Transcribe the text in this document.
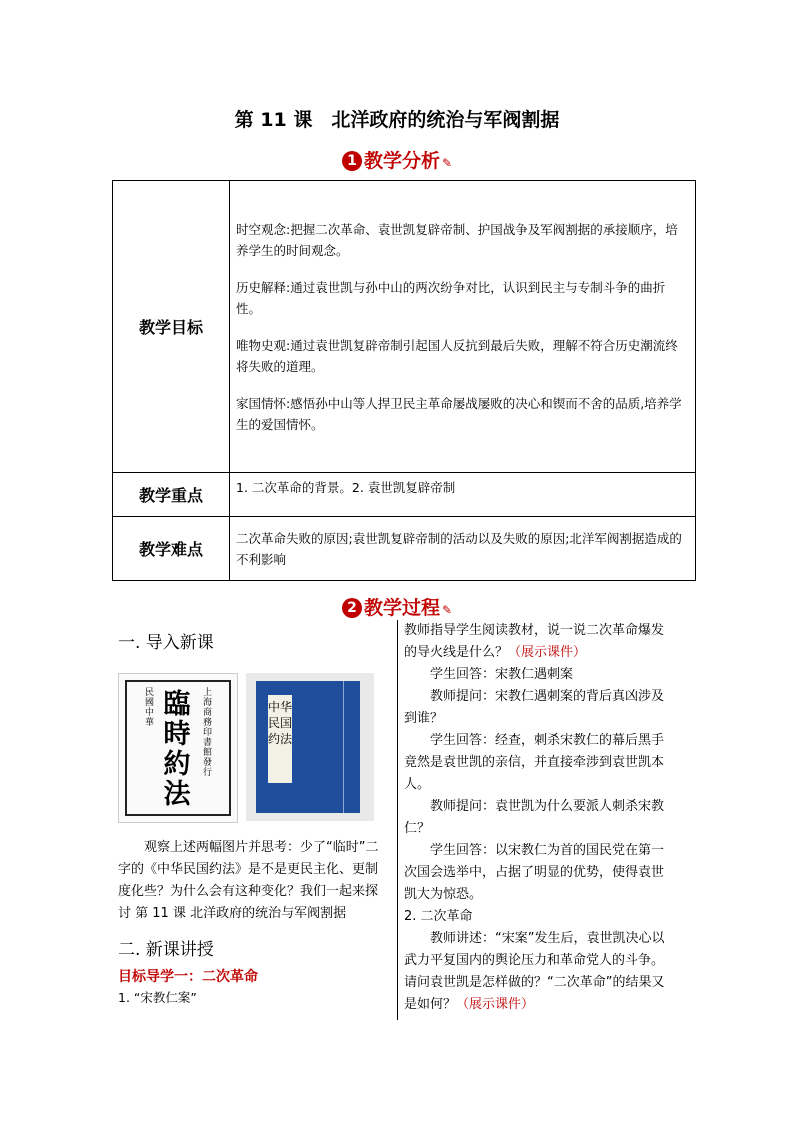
第 11 课　北洋政府的统治与军阀割据
1 教学分析 ✎
教学目标	时空观念:把握二次革命、袁世凯复辟帝制、护国战争及军阀割据的承接顺序，培养学生的时间观念。

历史解释:通过袁世凯与孙中山的两次纷争对比，认识到民主与专制斗争的曲折性。

唯物史观:通过袁世凯复辟帝制引起国人反抗到最后失败，理解不符合历史潮流终将失败的道理。

家国情怀:感悟孙中山等人捍卫民主革命屡战屡败的决心和锲而不舍的品质,培养学生的爱国情怀。

教学重点	1. 二次革命的背景。2. 袁世凯复辟帝制
教学难点	二次革命失败的原因;袁世凯复辟帝制的活动以及失败的原因;北洋军阀割据造成的不利影响
2 教学过程 ✎

一. 导入新课

民國中華
臨時約法
上海商務印書館發行
中华民国约法

观察上述两幅图片并思考：少了“临时”二字的《中华民国约法》是不是更民主化、更制度化些？为什么会有这种变化？我们一起来探讨 第 11 课 北洋政府的统治与军阀割据

二. 新课讲授

目标导学一：二次革命
1. “宋教仁案”

教师指导学生阅读教材，说一说二次革命爆发的导火线是什么？（展示课件）

学生回答：宋教仁遇刺案

教师提问：宋教仁遇刺案的背后真凶涉及到谁？

学生回答：经查，刺杀宋教仁的幕后黑手竟然是袁世凯的亲信，并直接牵涉到袁世凯本人。

教师提问：袁世凯为什么要派人刺杀宋教仁？

学生回答：以宋教仁为首的国民党在第一次国会选举中，占据了明显的优势，使得袁世凯大为惊恐。

2. 二次革命

教师讲述：“宋案”发生后，袁世凯决心以武力平复国内的舆论压力和革命党人的斗争。请问袁世凯是怎样做的？“二次革命”的结果又是如何？（展示课件）
